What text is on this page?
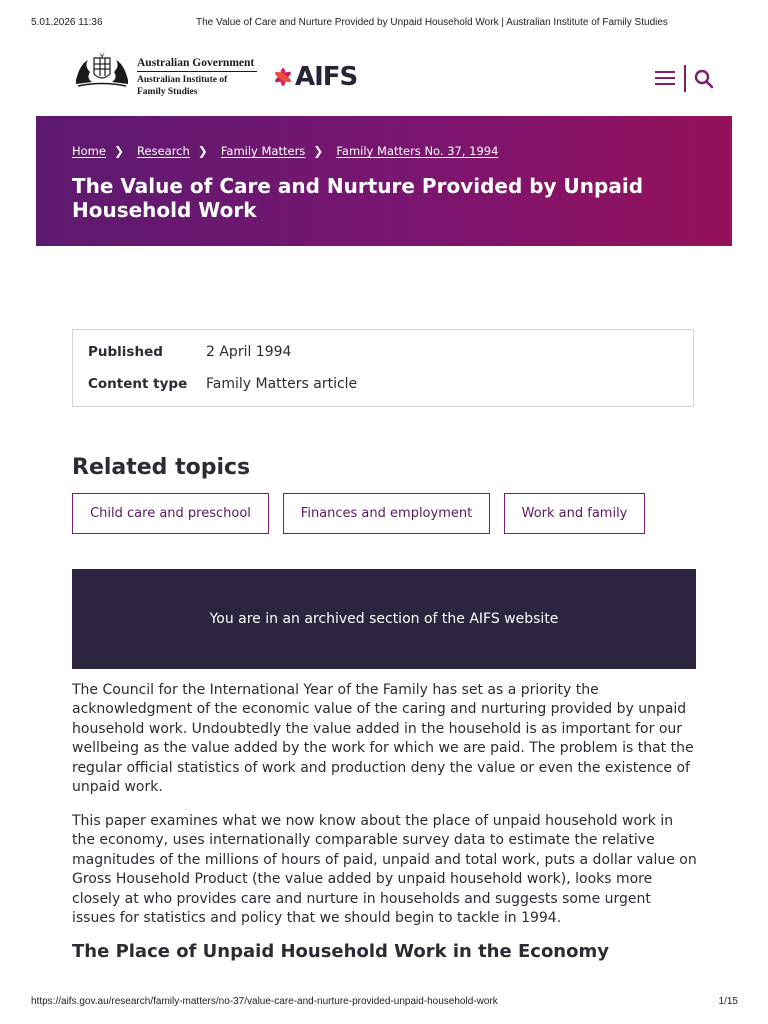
5.01.2026 11:36	The Value of Care and Nurture Provided by Unpaid Household Work | Australian Institute of Family Studies
Australian Government
Australian Institute of Family Studies	AIFS
Home ❯ Research ❯ Family Matters ❯ Family Matters No. 37, 1994
The Value of Care and Nurture Provided by Unpaid Household Work
Published	2 April 1994
Content type	Family Matters article
Related topics
Child care and preschool	Finances and employment	Work and family
You are in an archived section of the AIFS website

The Council for the International Year of the Family has set as a priority the acknowledgment of the economic value of the caring and nurturing provided by unpaid household work. Undoubtedly the value added in the household is as important for our wellbeing as the value added by the work for which we are paid. The problem is that the regular official statistics of work and production deny the value or even the existence of unpaid work.

This paper examines what we now know about the place of unpaid household work in the economy, uses internationally comparable survey data to estimate the relative magnitudes of the millions of hours of paid, unpaid and total work, puts a dollar value on Gross Household Product (the value added by unpaid household work), looks more closely at who provides care and nurture in households and suggests some urgent issues for statistics and policy that we should begin to tackle in 1994.

The Place of Unpaid Household Work in the Economy
https://aifs.gov.au/research/family-matters/no-37/value-care-and-nurture-provided-unpaid-household-work	1/15
